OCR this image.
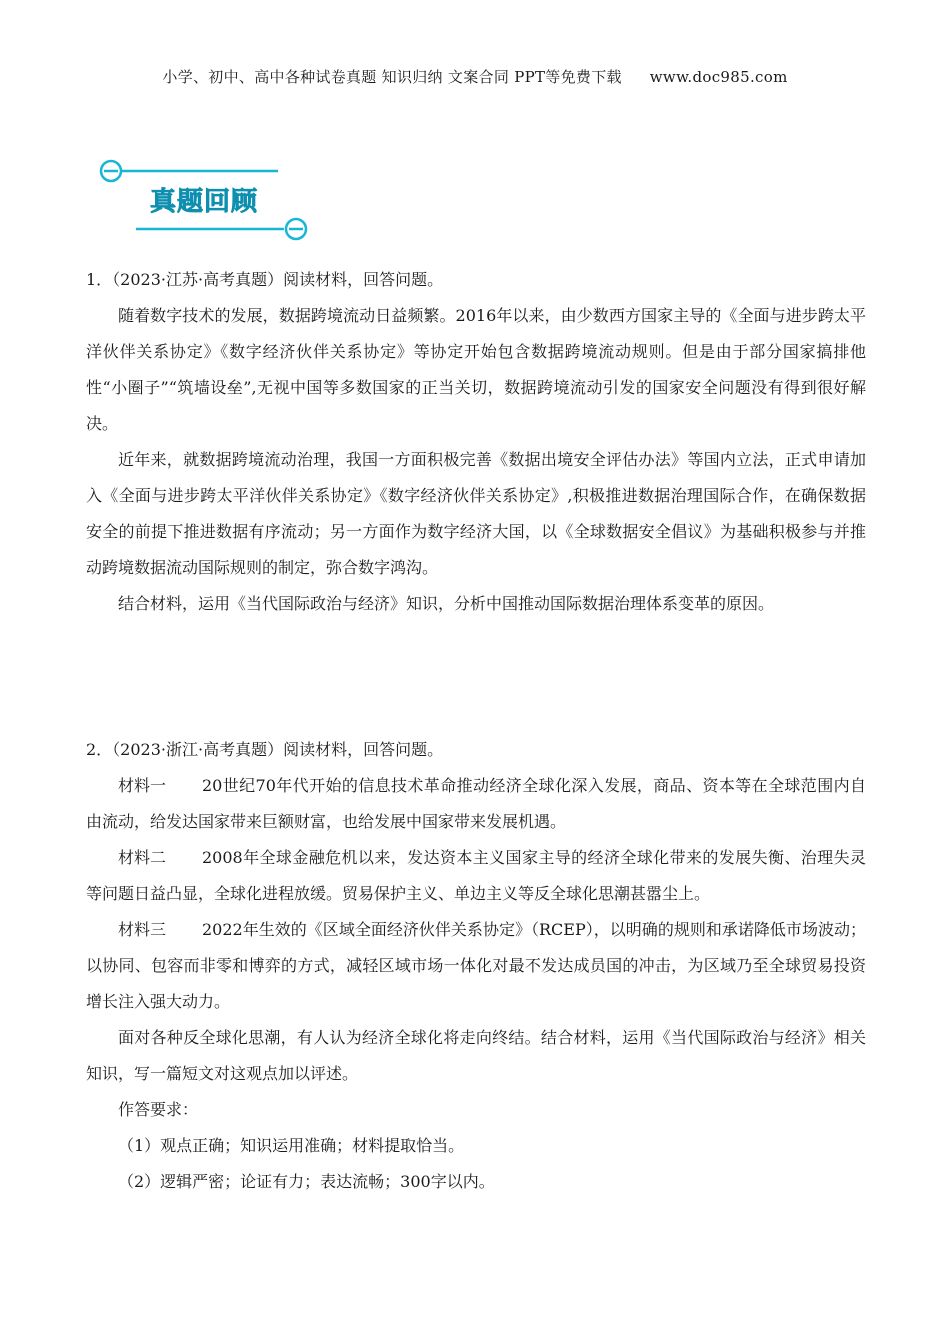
小学、初中、高中各种试卷真题 知识归纳 文案合同 PPT等免费下载 www.doc985.com
真题回顾

1．（2023·江苏·高考真题）阅读材料，回答问题。

随着数字技术的发展，数据跨境流动日益频繁。2016年以来，由少数西方国家主导的《全面与进步跨太平洋伙伴关系协定》《数字经济伙伴关系协定》等协定开始包含数据跨境流动规则。但是由于部分国家搞排他性“小圈子”“筑墙设垒”,无视中国等多数国家的正当关切，数据跨境流动引发的国家安全问题没有得到很好解决。

近年来，就数据跨境流动治理，我国一方面积极完善《数据出境安全评估办法》等国内立法，正式申请加入《全面与进步跨太平洋伙伴关系协定》《数字经济伙伴关系协定》,积极推进数据治理国际合作，在确保数据安全的前提下推进数据有序流动；另一方面作为数字经济大国，以《全球数据安全倡议》为基础积极参与并推动跨境数据流动国际规则的制定，弥合数字鸿沟。

结合材料，运用《当代国际政治与经济》知识，分析中国推动国际数据治理体系变革的原因。

2．（2023·浙江·高考真题）阅读材料，回答问题。

材料一 20世纪70年代开始的信息技术革命推动经济全球化深入发展，商品、资本等在全球范围内自由流动，给发达国家带来巨额财富，也给发展中国家带来发展机遇。

材料二 2008年全球金融危机以来，发达资本主义国家主导的经济全球化带来的发展失衡、治理失灵等问题日益凸显，全球化进程放缓。贸易保护主义、单边主义等反全球化思潮甚嚣尘上。

材料三 2022年生效的《区域全面经济伙伴关系协定》（RCEP），以明确的规则和承诺降低市场波动；以协同、包容而非零和博弈的方式，减轻区域市场一体化对最不发达成员国的冲击，为区域乃至全球贸易投资增长注入强大动力。

面对各种反全球化思潮，有人认为经济全球化将走向终结。结合材料，运用《当代国际政治与经济》相关知识，写一篇短文对这观点加以评述。

作答要求：

（1）观点正确；知识运用准确；材料提取恰当。

（2）逻辑严密；论证有力；表达流畅；300字以内。
